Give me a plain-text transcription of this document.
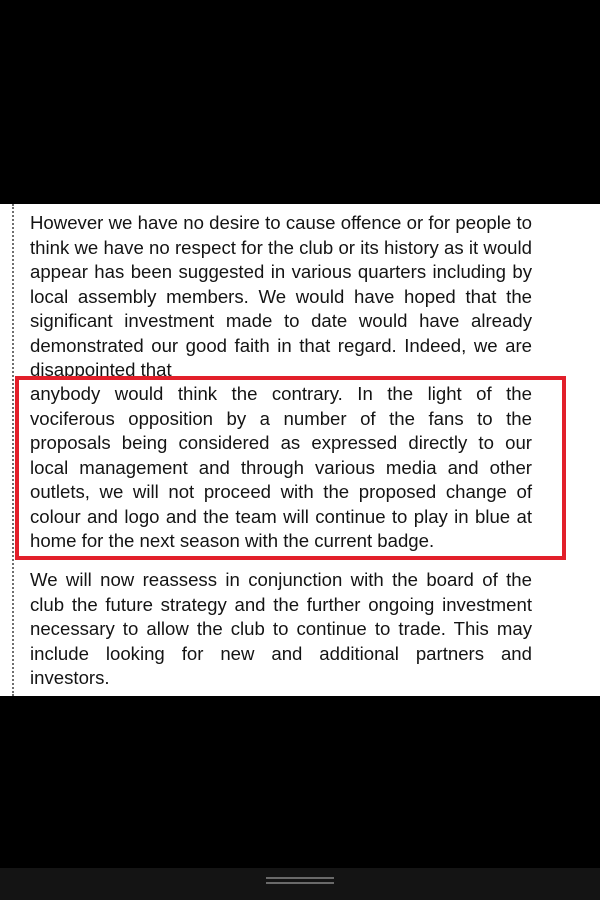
However we have no desire to cause offence or for people to think we have no respect for the club or its history as it would appear has been suggested in various quarters including by local assembly members. We would have hoped that the significant investment made to date would have already demonstrated our good faith in that regard. Indeed, we are disappointed that

anybody would think the contrary. In the light of the vociferous opposition by a number of the fans to the proposals being considered as expressed directly to our local management and through various media and other outlets, we will not proceed with the proposed change of colour and logo and the team will continue to play in blue at home for the next season with the current badge.

We will now reassess in conjunction with the board of the club the future strategy and the further ongoing investment necessary to allow the club to continue to trade. This may include looking for new and additional partners and investors.
